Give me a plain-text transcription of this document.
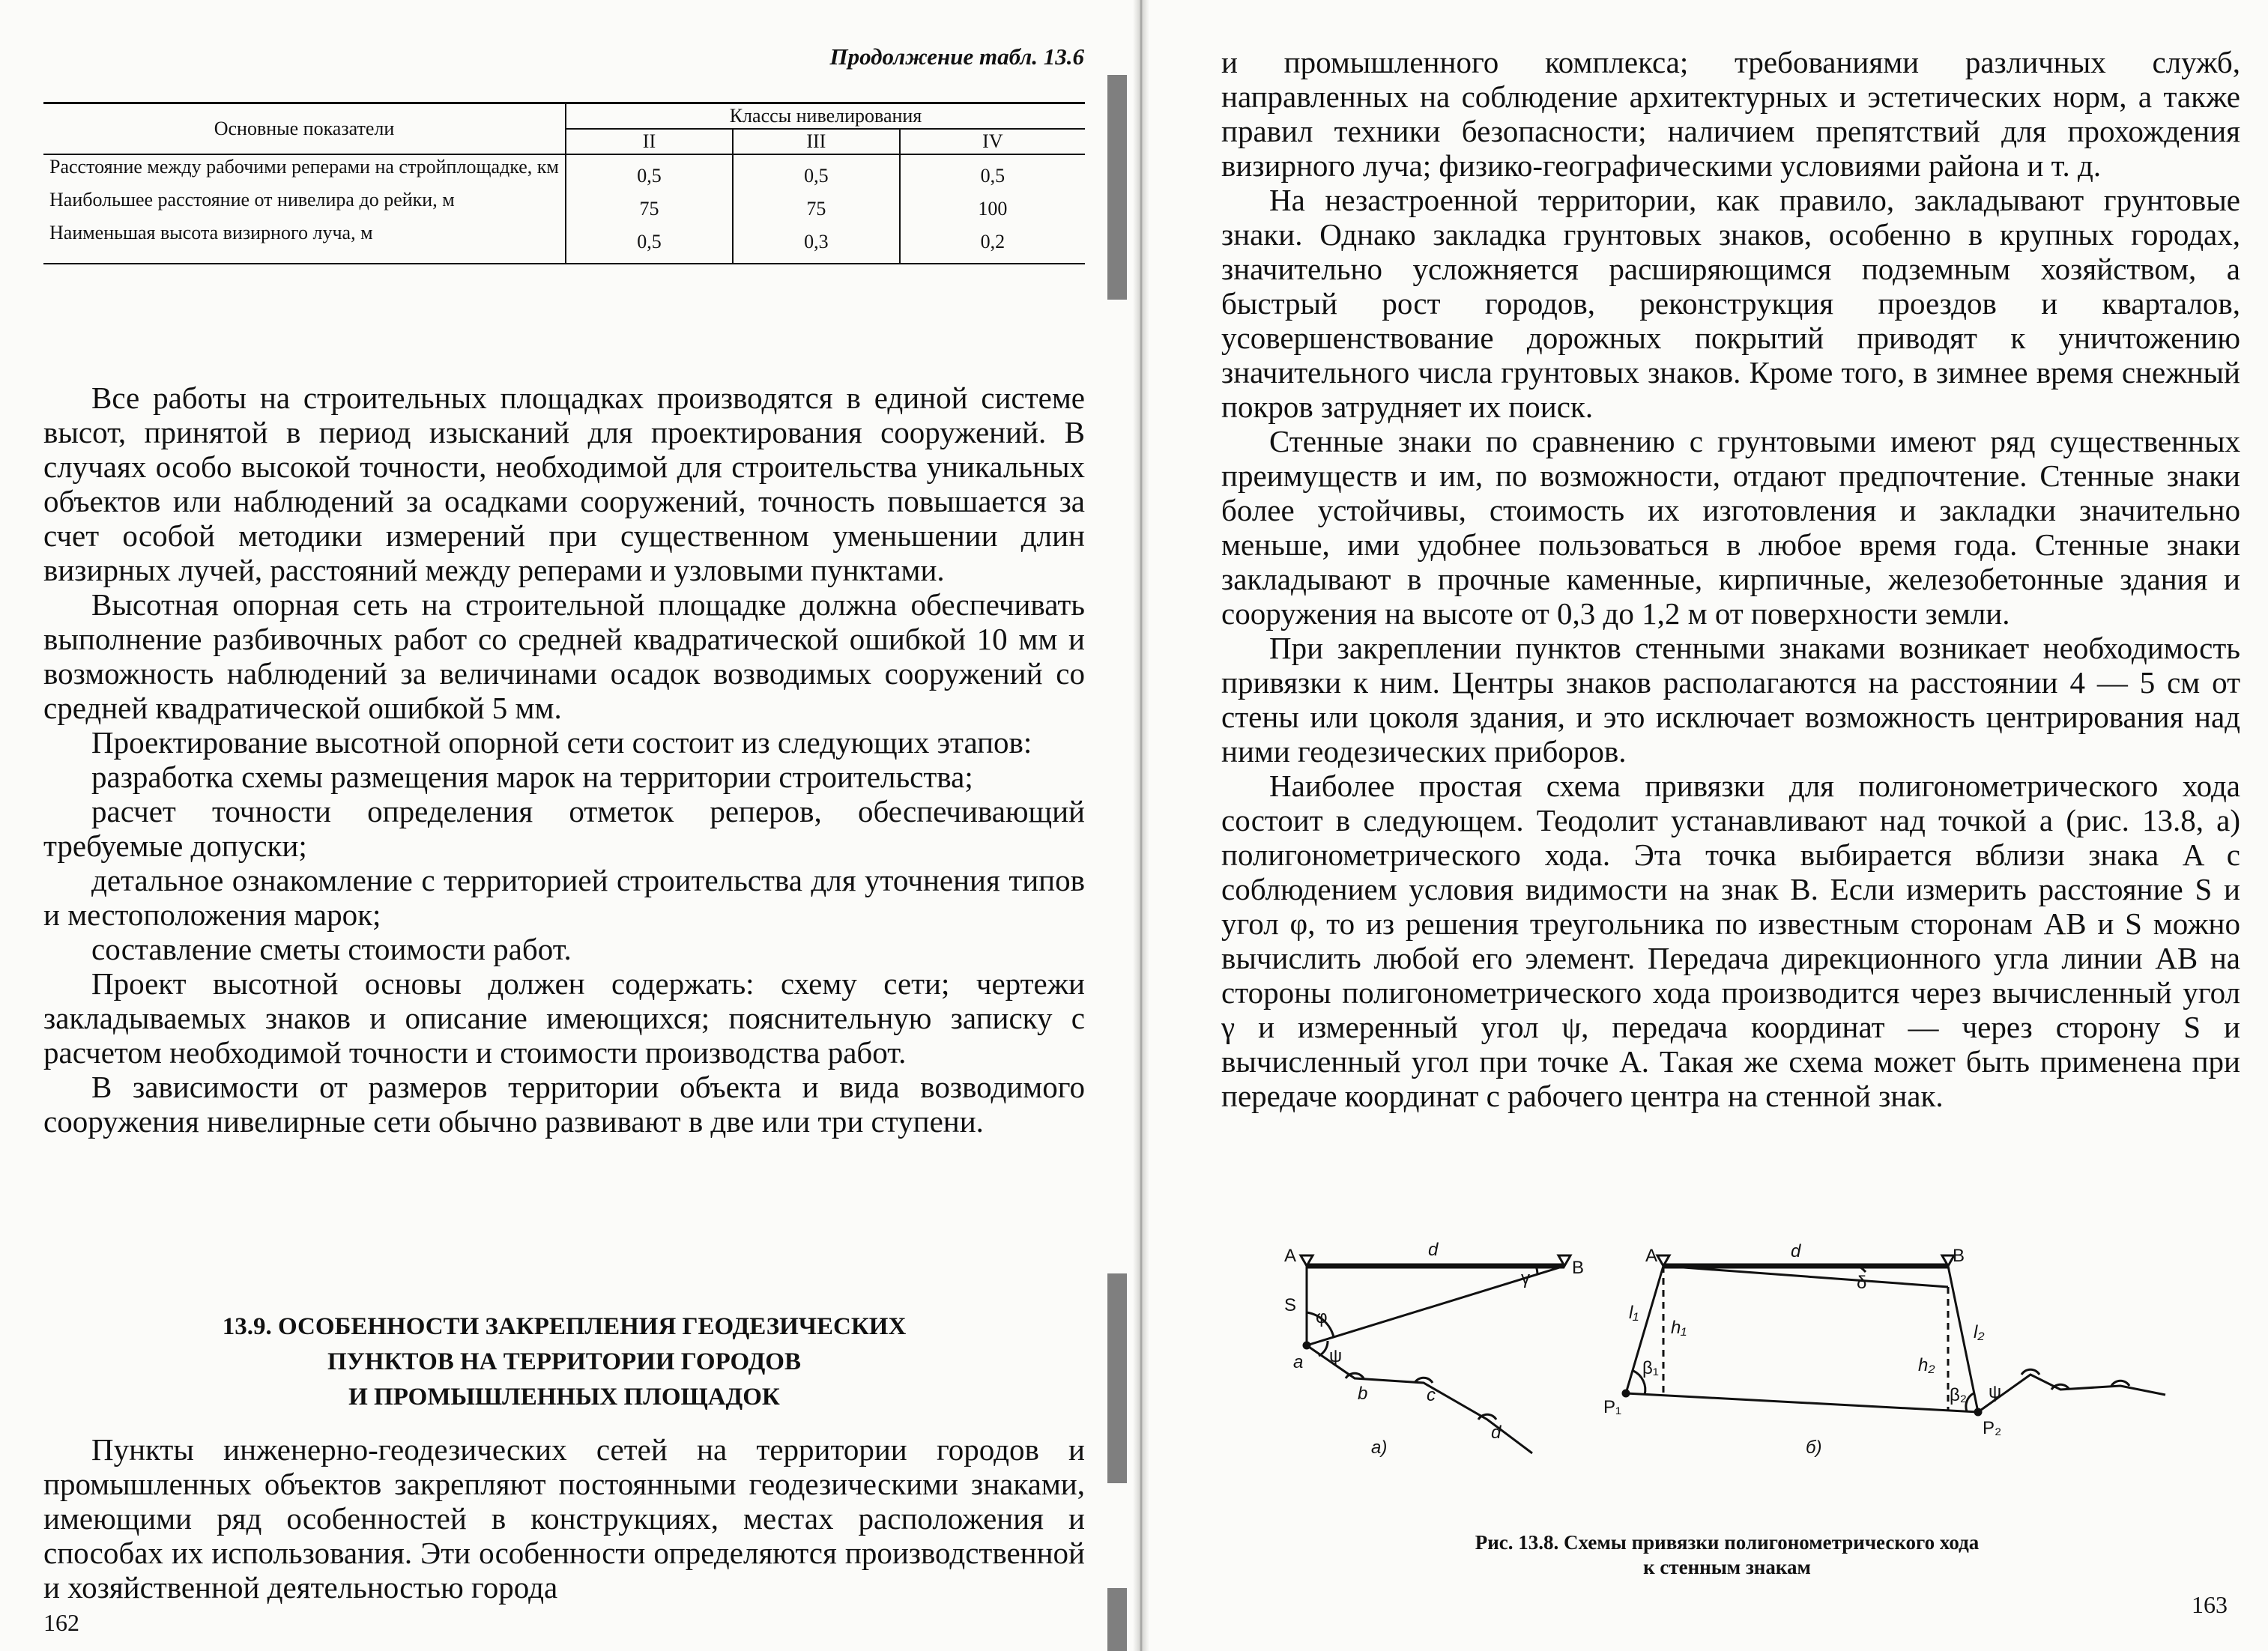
Продолжение табл. 13.6
Основные показатели	Классы нивелирования		
	II	III	IV

Расстояние между рабочими реперами на стройплощадке, км	0,5	0,5	0,5

Наибольшее расстояние от нивелира до рейки, м	75	75	100

Наименьшая высота визирного луча, м	0,5	0,3	0,2

Все работы на строительных площадках производятся в единой системе высот, принятой в период изысканий для проектирования сооружений. В случаях особо высокой точности, необходимой для строительства уникальных объектов или наблюдений за осадками сооружений, точность повышается за счет особой методики измерений при существенном уменьшении длин визирных лучей, расстояний между реперами и узловыми пунктами.

Высотная опорная сеть на строительной площадке должна обеспечивать выполнение разбивочных работ со средней квадратической ошибкой 10 мм и возможность наблюдений за величинами осадок возводимых сооружений со средней квадратической ошибкой 5 мм.

Проектирование высотной опорной сети состоит из следующих этапов:

разработка схемы размещения марок на территории строительства;

расчет точности определения отметок реперов, обеспечивающий требуемые допуски;

детальное ознакомление с территорией строительства для уточнения типов и местоположения марок;

составление сметы стоимости работ.

Проект высотной основы должен содержать: схему сети; чертежи закладываемых знаков и описание имеющихся; пояснительную записку с расчетом необходимой точности и стоимости производства работ.

В зависимости от размеров территории объекта и вида возводимого сооружения нивелирные сети обычно развивают в две или три ступени.

13.9. ОСОБЕННОСТИ ЗАКРЕПЛЕНИЯ ГЕОДЕЗИЧЕСКИХ
ПУНКТОВ НА ТЕРРИТОРИИ ГОРОДОВ
И ПРОМЫШЛЕННЫХ ПЛОЩАДОК

Пункты инженерно-геодезических сетей на территории городов и промышленных объектов закрепляют постоянными геодезическими знаками, имеющими ряд особенностей в конструкциях, местах расположения и способах их использования. Эти особенности определяются производственной и хозяйственной деятельностью города

162

и промышленного комплекса; требованиями различных служб, направленных на соблюдение архитектурных и эстетических норм, а также правил техники безопасности; наличием препятствий для прохождения визирного луча; физико-географическими условиями района и т. д.

На незастроенной территории, как правило, закладывают грунтовые знаки. Однако закладка грунтовых знаков, особенно в крупных городах, значительно усложняется расширяющимся подземным хозяйством, а быстрый рост городов, реконструкция проездов и кварталов, усовершенствование дорожных покрытий приводят к уничтожению значительного числа грунтовых знаков. Кроме того, в зимнее время снежный покров затрудняет их поиск.

Стенные знаки по сравнению с грунтовыми имеют ряд существенных преимуществ и им, по возможности, отдают предпочтение. Стенные знаки более устойчивы, стоимость их изготовления и закладки значительно меньше, ими удобнее пользоваться в любое время года. Стенные знаки закладывают в прочные каменные, кирпичные, железобетонные здания и сооружения на высоте от 0,3 до 1,2 м от поверхности земли.

При закреплении пунктов стенными знаками возникает необходимость привязки к ним. Центры знаков располагаются на расстоянии 4 — 5 см от стены или цоколя здания, и это исключает возможность центрирования над ними геодезических приборов.

Наиболее простая схема привязки для полигонометрического хода состоит в следующем. Теодолит устанавливают над точкой a (рис. 13.8, a) полигонометрического хода. Эта точка выбирается вблизи знака A с соблюдением условия видимости на знак B. Если измерить расстояние S и угол φ, то из решения треугольника по известным сторонам AB и S можно вычислить любой его элемент. Передача дирекционного угла линии AB на стороны полигонометрического хода производится через вычисленный угол γ и измеренный угол ψ, передача координат — через сторону S и вычисленный угол при точке A. Такая же схема может быть применена при передаче координат с рабочего центра на стенной знак.

A
B
d
S
a
b	c
d
φ
ψ
γ
а)
A	B
d
δ
l₁
l₂
h₁
h₂
β₁
β₂ ψ
P₁
P₂
б)
Рис. 13.8. Схемы привязки полигонометрического хода к стенным знакам
163
